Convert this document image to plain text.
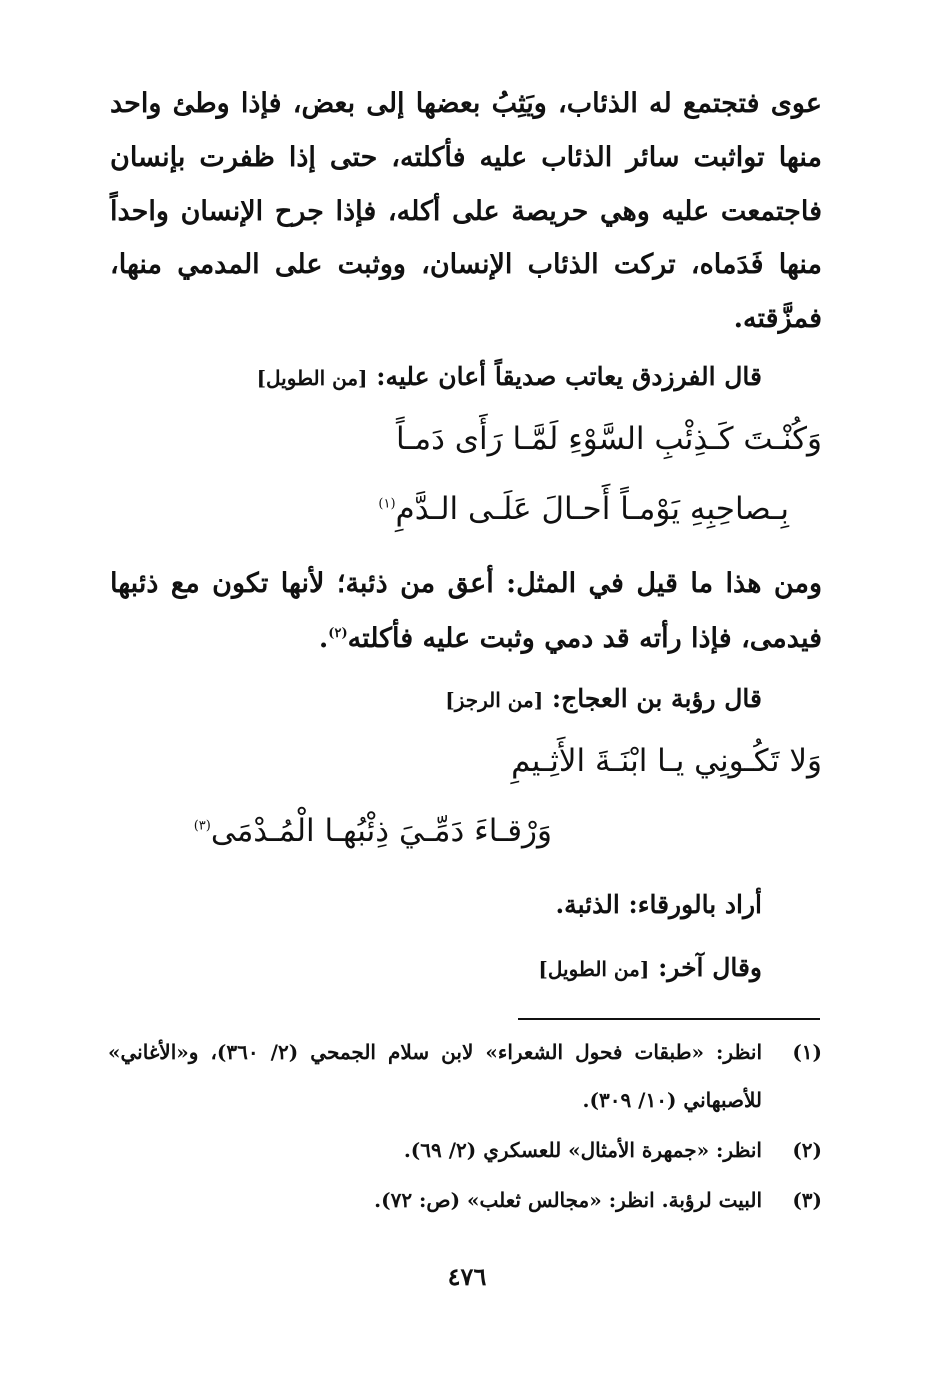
عوى فتجتمع له الذئاب، ويَثِبُ بعضها إلى بعض، فإذا وطئ واحد
منها تواثبت سائر الذئاب عليه فأكلته، حتى إذا ظفرت بإنسان
فاجتمعت عليه وهي حريصة على أكله، فإذا جرح الإنسان واحداً
منها فَدَماه، تركت الذئاب الإنسان، ووثبت على المدمي منها،
فمزَّقته.
قال الفرزدق يعاتب صديقاً أعان عليه: [من الطويل]
وَكُنْـتَ كَـذِئْبِ السَّوْءِ لَمَّـا رَأَى دَمـاً
بِـصاحِبِهِ يَوْمـاً أَحـالَ عَلَـى الـدَّمِ$^{(١)}$
ومن هذا ما قيل في المثل: أعق من ذئبة؛ لأنها تكون مع ذئبها
فيدمى، فإذا رأته قد دمي وثبت عليه فأكلته$^{(٢)}$.
قال رؤبة بن العجاج: [من الرجز]
وَلا تَكُـونِي يـا ابْنَـةَ الأَثِـيمِ
وَرْقـاءَ دَمِّـيَ ذِئْبُهـا الْمُـدْمَى$^{(٣)}$
أراد بالورقاء: الذئبة.
وقال آخر: [من الطويل]
(١)
انظر: «طبقات فحول الشعراء» لابن سلام الجمحي (٢/ ٣٦٠)، و«الأغاني»
للأصبهاني (١٠/ ٣٠٩).
(٢)
انظر: «جمهرة الأمثال» للعسكري (٢/ ٦٩).
(٣)
البيت لرؤبة. انظر: «مجالس ثعلب» (ص: ٧٢).
٤٧٦
